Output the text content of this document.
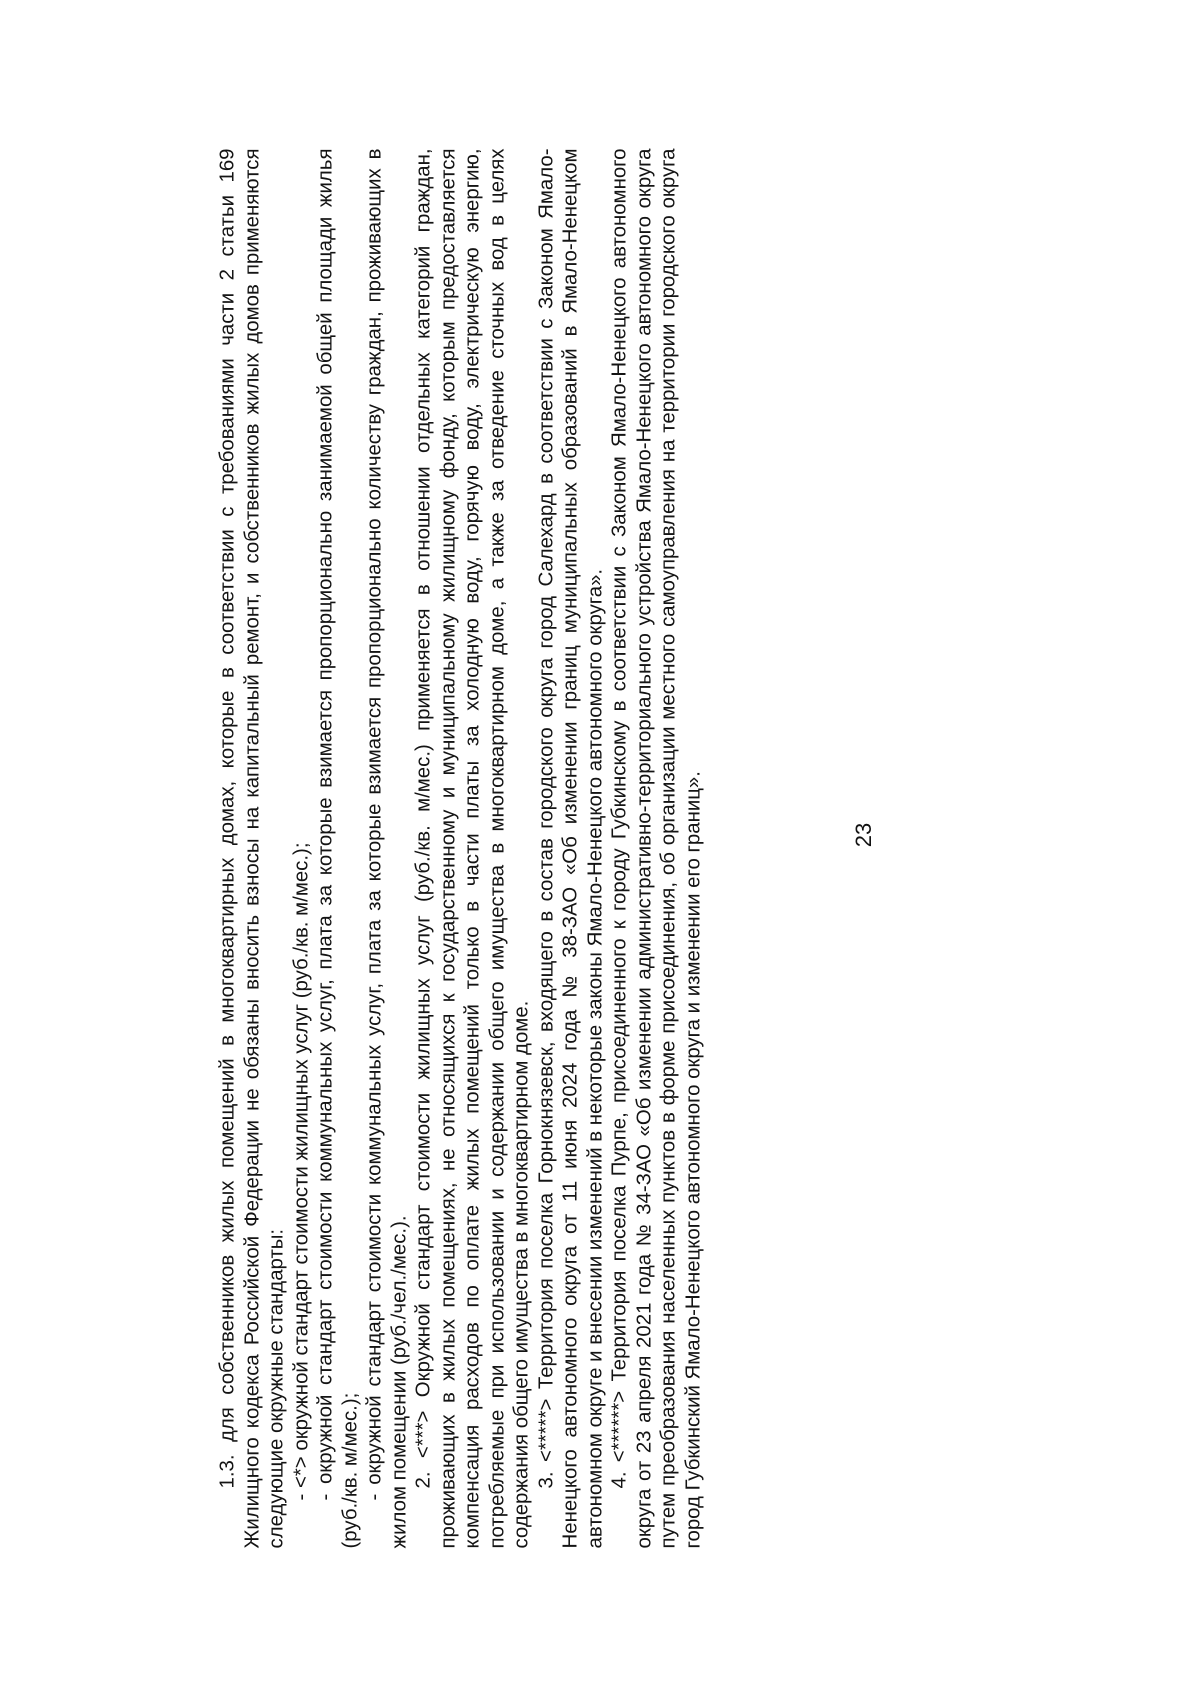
23

1.3. для собственников жилых помещений в многоквартирных домах, которые в соответствии с требованиями части 2 статьи 169 Жилищного кодекса Российской Федерации не обязаны вносить взносы на капитальный ремонт, и собственников жилых домов применяются следующие окружные стандарты: - <*> окружной стандарт стоимости жилищных услуг (руб./кв. м/мес.); - окружной стандарт стоимости коммунальных услуг, плата за которые взимается пропорционально занимаемой общей площади жилья (руб./кв. м/мес.); - окружной стандарт стоимости коммунальных услуг, плата за которые взимается пропорционально количеству граждан, проживающих в жилом помещении (руб./чел./мес.). 2. <***> Окружной стандарт стоимости жилищных услуг (руб./кв. м/мес.) применяется в отношении отдельных категорий граждан, проживающих в жилых помещениях, не относящихся к государственному и муниципальному жилищному фонду, которым предоставляется компенсация расходов по оплате жилых помещений только в части платы за холодную воду, горячую воду, электрическую энергию, потребляемые при использовании и содержании общего имущества в многоквартирном доме, а также за отведение сточных вод в целях содержания общего имущества в многоквартирном доме. 3. <*****> Территория поселка Горнокнязевск, входящего в состав городского округа город Салехард в соответствии с Законом Ямало-Ненецкого автономного округа от 11 июня 2024 года № 38-ЗАО «Об изменении границ муниципальных образований в Ямало-Ненецком автономном округе и внесении изменений в некоторые законы Ямало-Ненецкого автономного округа». 4. <******> Территория поселка Пурпе, присоединенного к городу Губкинскому в соответствии с Законом Ямало-Ненецкого автономного округа от 23 апреля 2021 года № 34-ЗАО «Об изменении административно-территориального устройства Ямало-Ненецкого автономного округа путем преобразования населенных пунктов в форме присоединения, об организации местного самоуправления на территории городского округа город Губкинский Ямало-Ненецкого автономного округа и изменении его границ».
